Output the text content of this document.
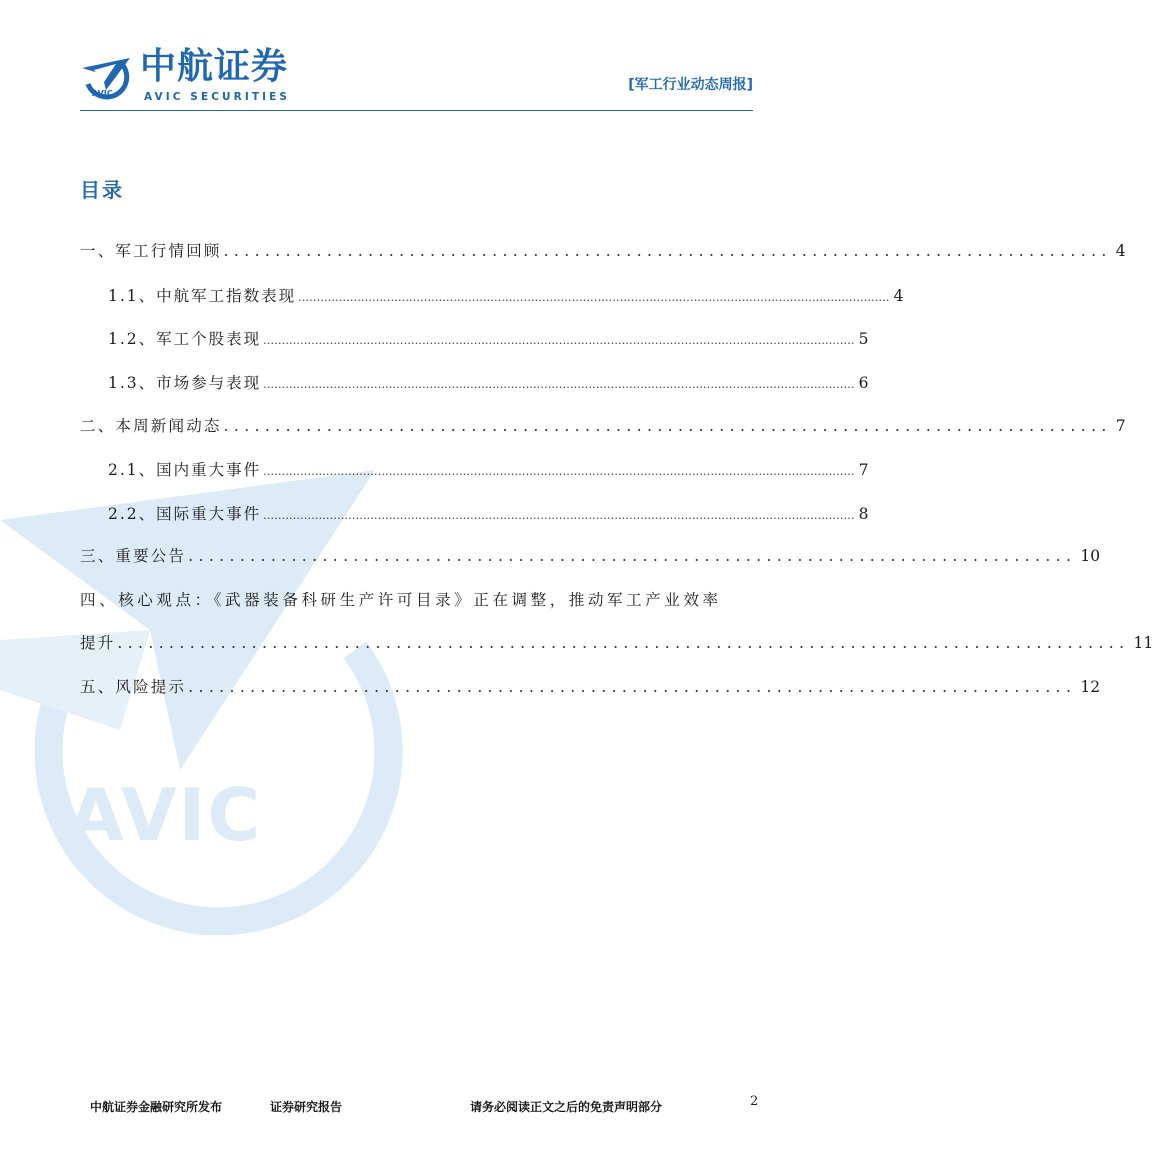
AVIC
AVIC
中航证券
AVIC SECURITIES
[军工行业动态周报]
目录
一、军工行情回顾 ...................................................................................... 4
1.1、中航军工指数表现 ................................................................................................................................................................ 4
1.2、军工个股表现 ................................................................................................................................................................ 5
1.3、市场参与表现 ................................................................................................................................................................ 6
二、本周新闻动态 ...................................................................................... 7
2.1、国内重大事件 ................................................................................................................................................................ 7
2.2、国际重大事件 ................................................................................................................................................................ 8
三、重要公告 ...................................................................................... 10
四、核心观点：《武器装备科研生产许可目录》正在调整，推动军工产业效率
提升 .................................................................................................. 11
五、风险提示 ...................................................................................... 12
中航证券金融研究所发布	证券研究报告	请务必阅读正文之后的免责声明部分	2
